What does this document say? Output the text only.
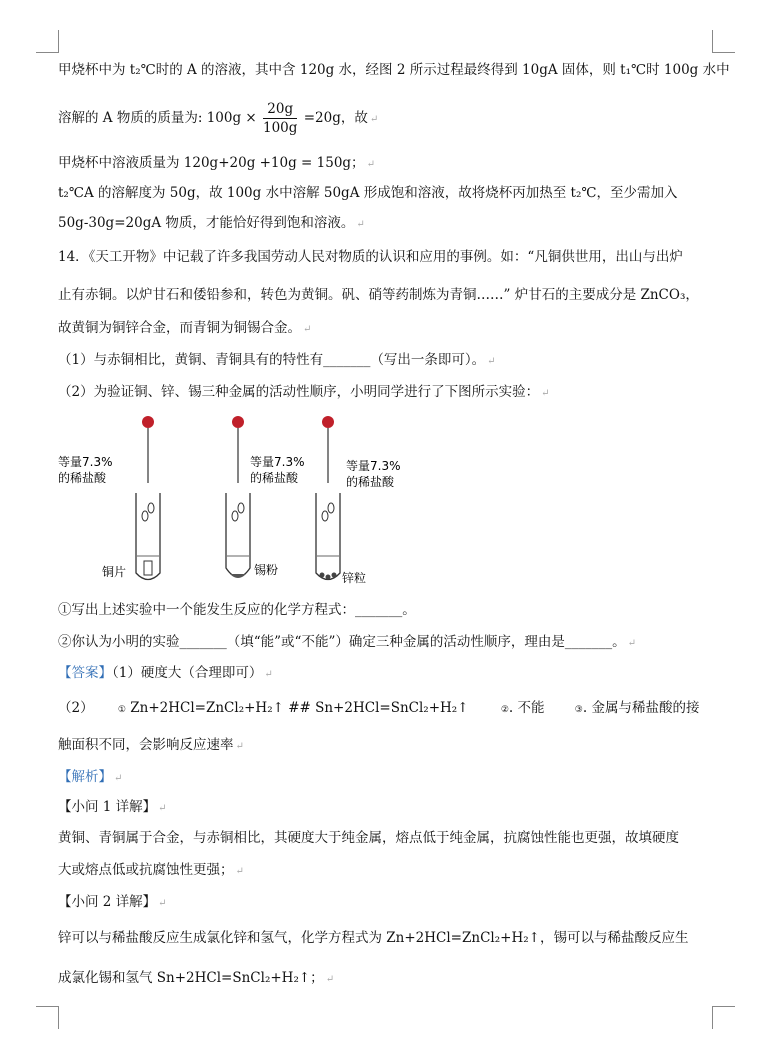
甲烧杯中为 t₂℃时的 A 的溶液，其中含 120g 水，经图 2 所示过程最终得到 10gA 固体，则 t₁℃时 100g 水中
溶解的 A 物质的质量为: $100g \times \frac{20g}{100g} =20g$，故 ↵
甲烧杯中溶液质量为 120g+20g +10g = 150g； ↵
t₂℃A 的溶解度为 50g，故 100g 水中溶解 50gA 形成饱和溶液，故将烧杯丙加热至 t₂℃，至少需加入
50g-30g=20gA 物质，才能恰好得到饱和溶液。 ↵
14．《天工开物》中记载了许多我国劳动人民对物质的认识和应用的事例。如：“凡铜供世用，出山与出炉
止有赤铜。以炉甘石和倭铅参和，转色为黄铜。矾、硝等药制炼为青铜……” 炉甘石的主要成分是 ZnCO₃，
故黄铜为铜锌合金，而青铜为铜锡合金。 ↵
（1）与赤铜相比，黄铜、青铜具有的特性有_______（写出一条即可）。 ↵
（2）为验证铜、锌、锡三种金属的活动性顺序，小明同学进行了下图所示实验： ↵
等量7.3%
的稀盐酸
等量7.3%
的稀盐酸
等量7.3%
的稀盐酸
铜片	锡粉
锌粒
①写出上述实验中一个能发生反应的化学方程式：_______。
②你认为小明的实验_______（填“能”或“不能”）确定三种金属的活动性顺序，理由是_______。 ↵
【答案】（1）硬度大（合理即可） ↵
（2）	① Zn+2HCl=ZnCl₂+H₂↑ ## Sn+2HCl=SnCl₂+H₂↑	②. 不能	③. 金属与稀盐酸的接
触面积不同，会影响反应速率 ↵
【解析】 ↵
【小问 1 详解】 ↵
黄铜、青铜属于合金，与赤铜相比，其硬度大于纯金属，熔点低于纯金属，抗腐蚀性能也更强，故填硬度
大或熔点低或抗腐蚀性更强； ↵
【小问 2 详解】 ↵
锌可以与稀盐酸反应生成氯化锌和氢气，化学方程式为 Zn+2HCl=ZnCl₂+H₂↑，锡可以与稀盐酸反应生
成氯化锡和氢气 Sn+2HCl=SnCl₂+H₂↑； ↵
